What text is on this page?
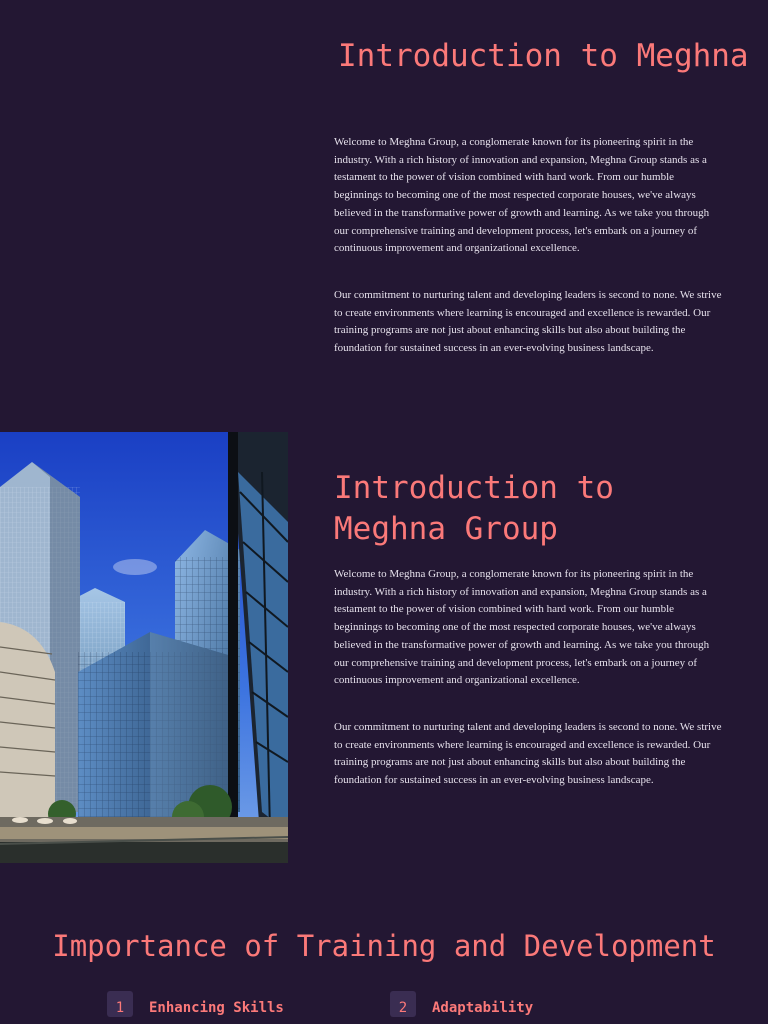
Introduction to Meghna

Welcome to Meghna Group, a conglomerate known for its pioneering spirit in the industry. With a rich history of innovation and expansion, Meghna Group stands as a testament to the power of vision combined with hard work. From our humble beginnings to becoming one of the most respected corporate houses, we've always believed in the transformative power of growth and learning. As we take you through our comprehensive training and development process, let's embark on a journey of continuous improvement and organizational excellence.

Our commitment to nurturing talent and developing leaders is second to none. We strive to create environments where learning is encouraged and excellence is rewarded. Our training programs are not just about enhancing skills but also about building the foundation for sustained success in an ever-evolving business landscape.

Introduction to Meghna Group

Welcome to Meghna Group, a conglomerate known for its pioneering spirit in the industry. With a rich history of innovation and expansion, Meghna Group stands as a testament to the power of vision combined with hard work. From our humble beginnings to becoming one of the most respected corporate houses, we've always believed in the transformative power of growth and learning. As we take you through our comprehensive training and development process, let's embark on a journey of continuous improvement and organizational excellence.

Our commitment to nurturing talent and developing leaders is second to none. We strive to create environments where learning is encouraged and excellence is rewarded. Our training programs are not just about enhancing skills but also about building the foundation for sustained success in an ever-evolving business landscape.

Importance of Training and Development
1	Enhancing Skills	2	Adaptability
